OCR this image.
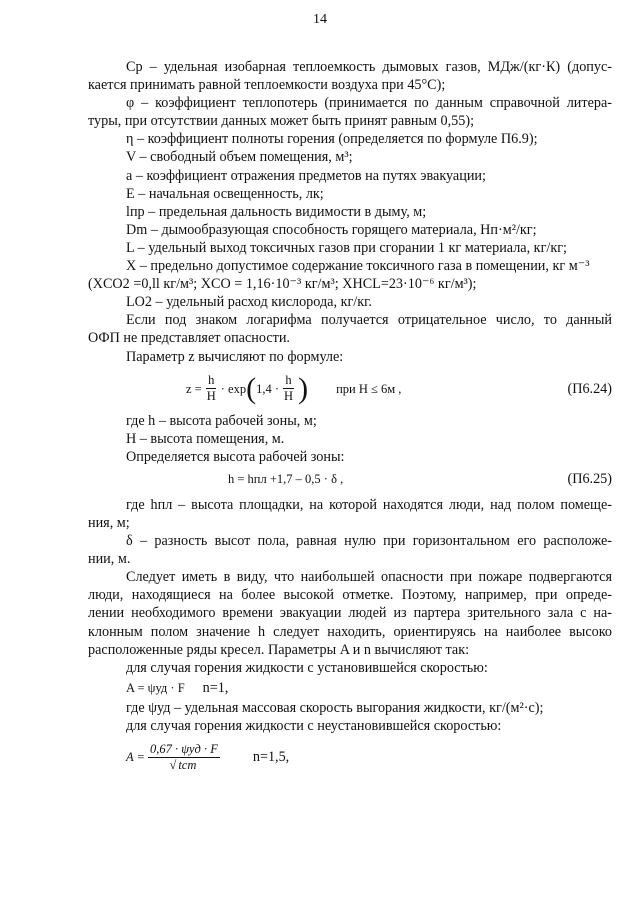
14
Cр – удельная изобарная теплоемкость дымовых газов, МДж/(кг·К) (допус-
кается принимать равной теплоемкости воздуха при 45°C);
φ – коэффициент теплопотерь (принимается по данным справочной литера-
туры, при отсутствии данных может быть принят равным 0,55);
η – коэффициент полноты горения (определяется по формуле П6.9);
V – свободный объем помещения, м³;
a – коэффициент отражения предметов на путях эвакуации;
E – начальная освещенность, лк;
lпр – предельная дальность видимости в дыму, м;
Dm – дымообразующая способность горящего материала, Нп·м²/кг;
L – удельный выход токсичных газов при сгорании 1 кг материала, кг/кг;
X – предельно допустимое содержание токсичного газа в помещении, кг м⁻³
(XCO2 =0,ll кг/м³; XCO = 1,16·10⁻³ кг/м³; XHCL=23·10⁻⁶ кг/м³);
LO2 – удельный расход кислорода, кг/кг.
Если под знаком логарифма получается отрицательное число, то данный
ОФП не представляет опасности.
Параметр z вычисляют по формуле:
$z = \frac{h}{H} \cdot \exp$ ( $1,4 \cdot \frac{h}{H}$ ) при H ≤ 6м ,	(П6.24)
где h – высота рабочей зоны, м;
H – высота помещения, м.
Определяется высота рабочей зоны:
h = hпл +1,7 – 0,5 · δ ,	(П6.25)
где hпл – высота площадки, на которой находятся люди, над полом помеще-
ния, м;
δ – разность высот пола, равная нулю при горизонтальном его расположе-
нии, м.
Следует иметь в виду, что наибольшей опасности при пожаре подвергаются
люди, находящиеся на более высокой отметке. Поэтому, например, при опреде-
лении необходимого времени эвакуации людей из партера зрительного зала с на-
клонным полом значение h следует находить, ориентируясь на наиболее высоко
расположенные ряды кресел. Параметры A и n вычисляют так:
для случая горения жидкости с установившейся скоростью:
A = ψуд · F n=1,
где ψуд – удельная массовая скорость выгорания жидкости, кг/(м²·c);
для случая горения жидкости с неустановившейся скоростью:
$A = \frac{\text{0,67 · ψуд · F}}{\text{√ tст}} n=1,5$,
